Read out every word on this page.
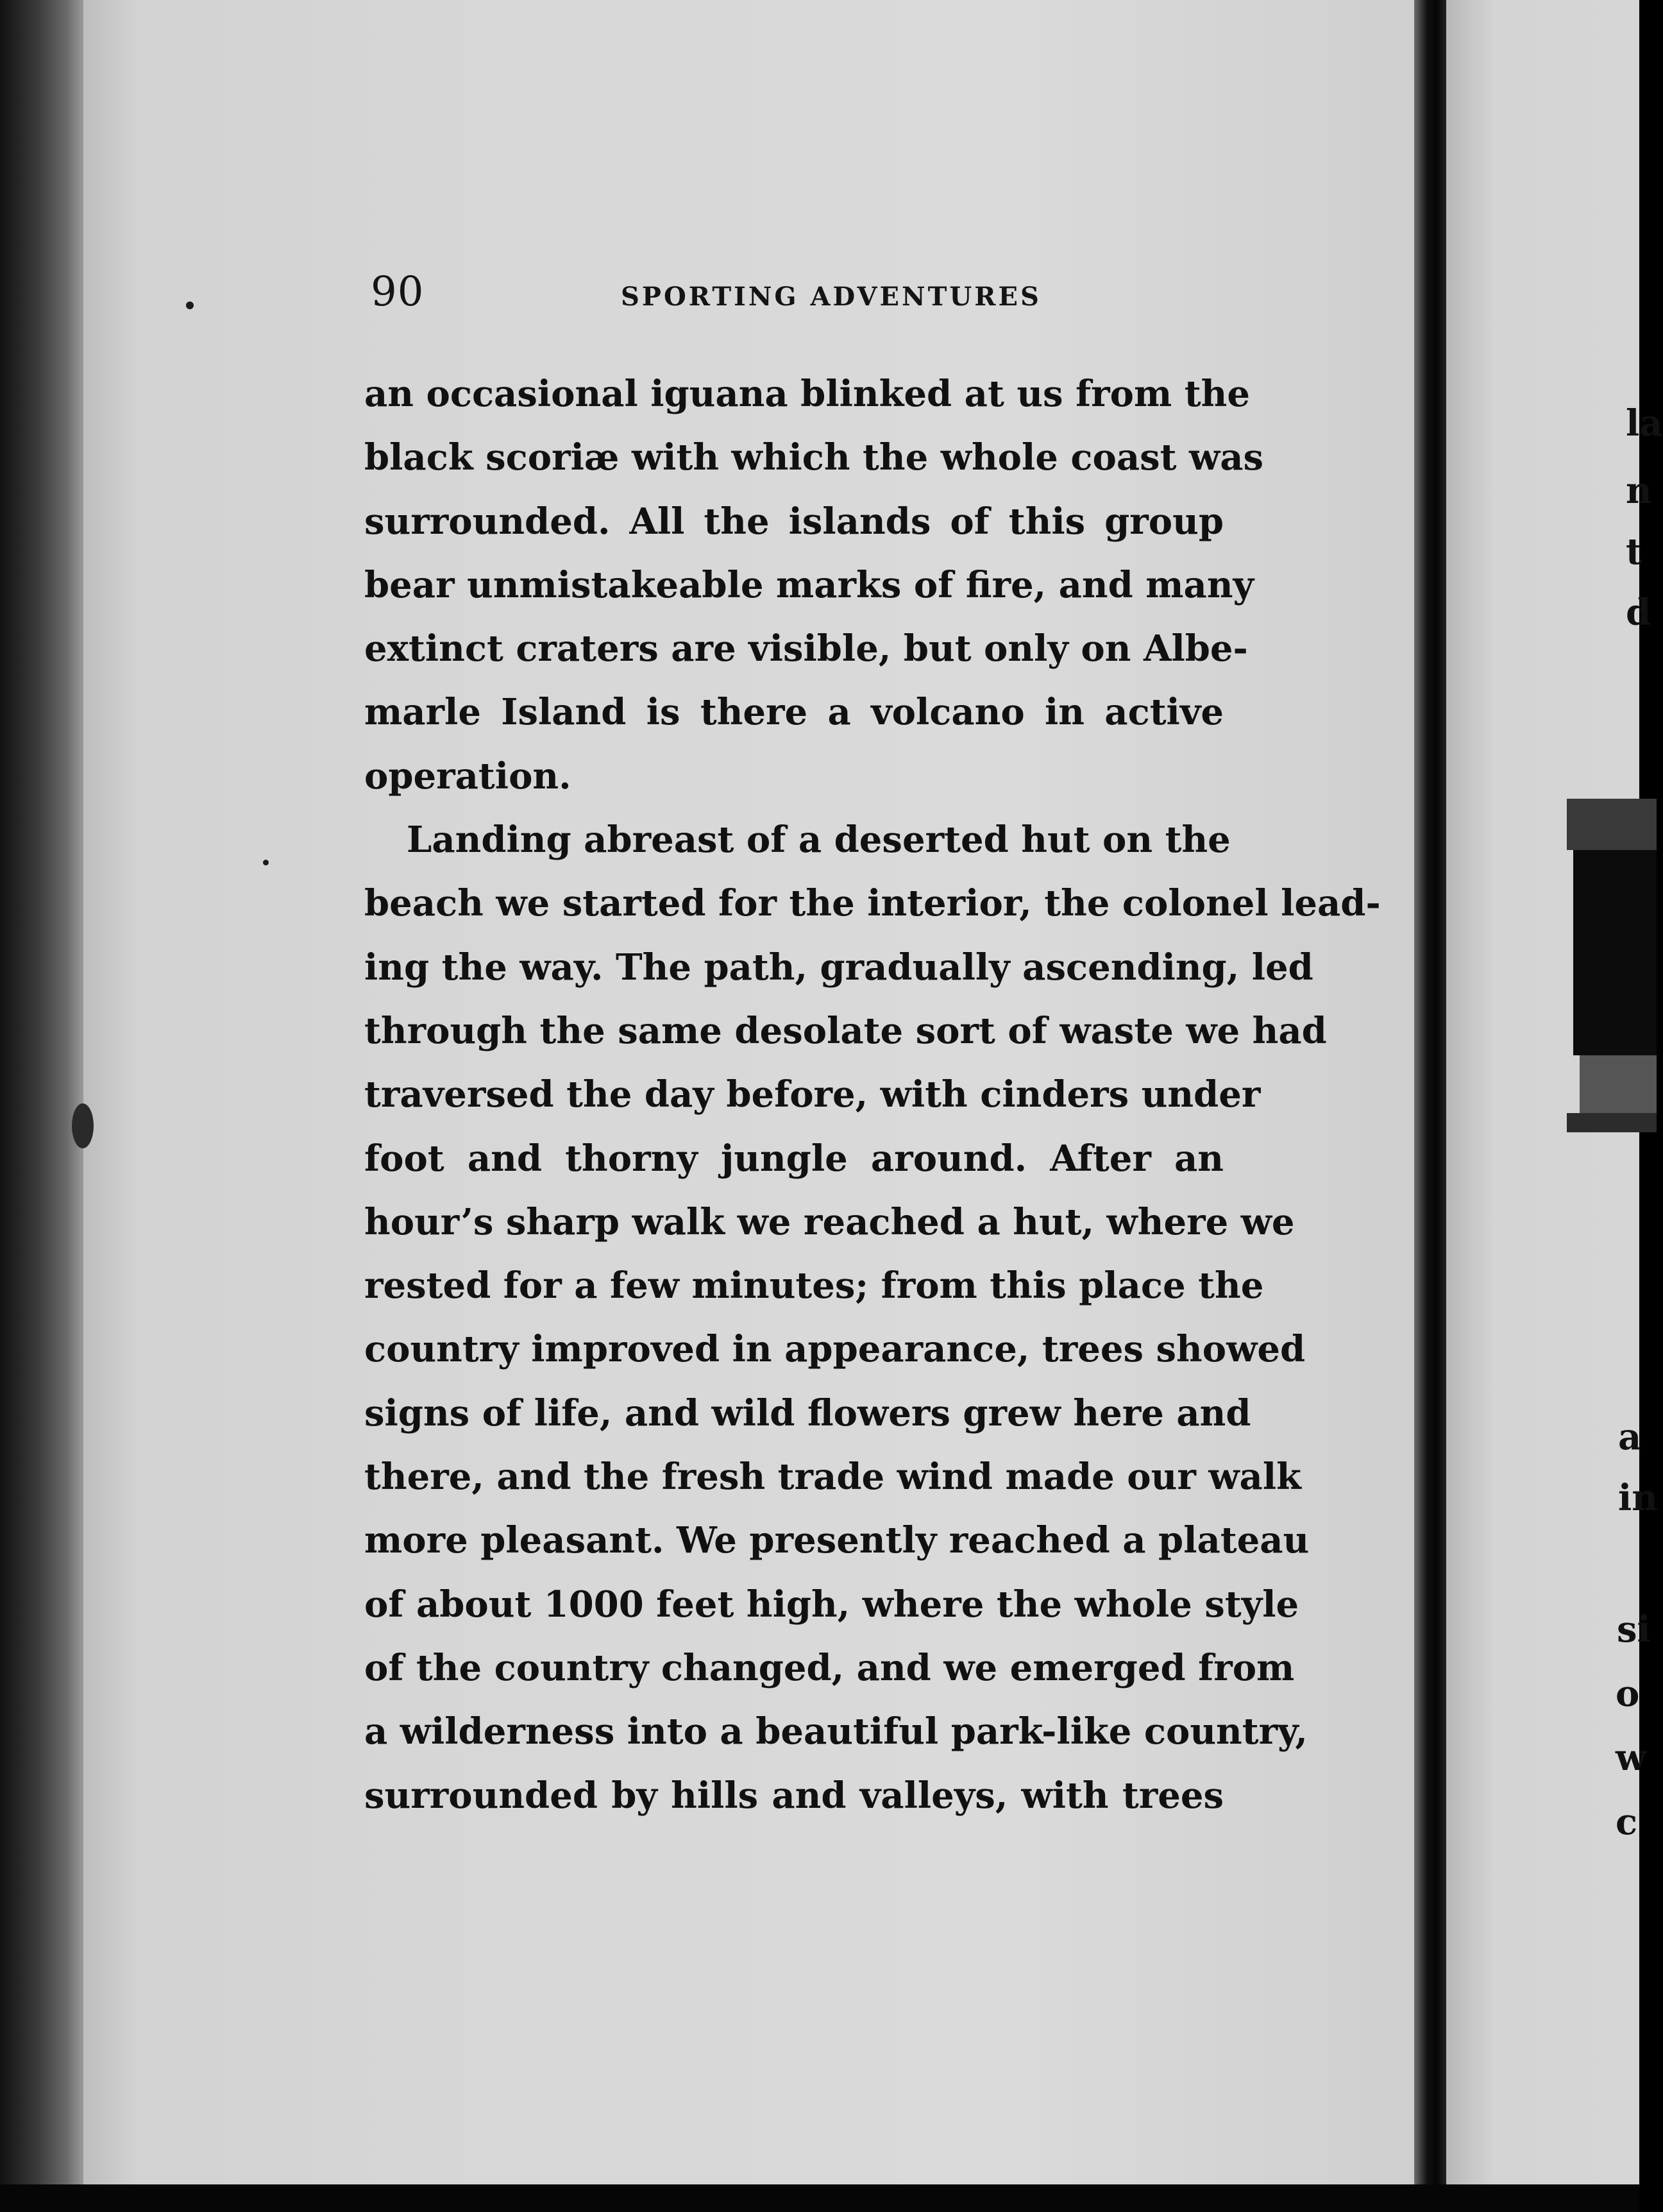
la
n
t
d
a
in
si
o
w
c
90	SPORTING ADVENTURES
an occasional iguana blinked at us from the
black scoriæ with which the whole coast was
surrounded. All the islands of this group
bear unmistakeable marks of fire, and many
extinct craters are visible, but only on Albe-
marle Island is there a volcano in active
operation.
Landing abreast of a deserted hut on the
beach we started for the interior, the colonel lead-
ing the way. The path, gradually ascending, led
through the same desolate sort of waste we had
traversed the day before, with cinders under
foot and thorny jungle around. After an
hour’s sharp walk we reached a hut, where we
rested for a few minutes; from this place the
country improved in appearance, trees showed
signs of life, and wild flowers grew here and
there, and the fresh trade wind made our walk
more pleasant. We presently reached a plateau
of about 1000 feet high, where the whole style
of the country changed, and we emerged from
a wilderness into a beautiful park-like country,
surrounded by hills and valleys, with trees
